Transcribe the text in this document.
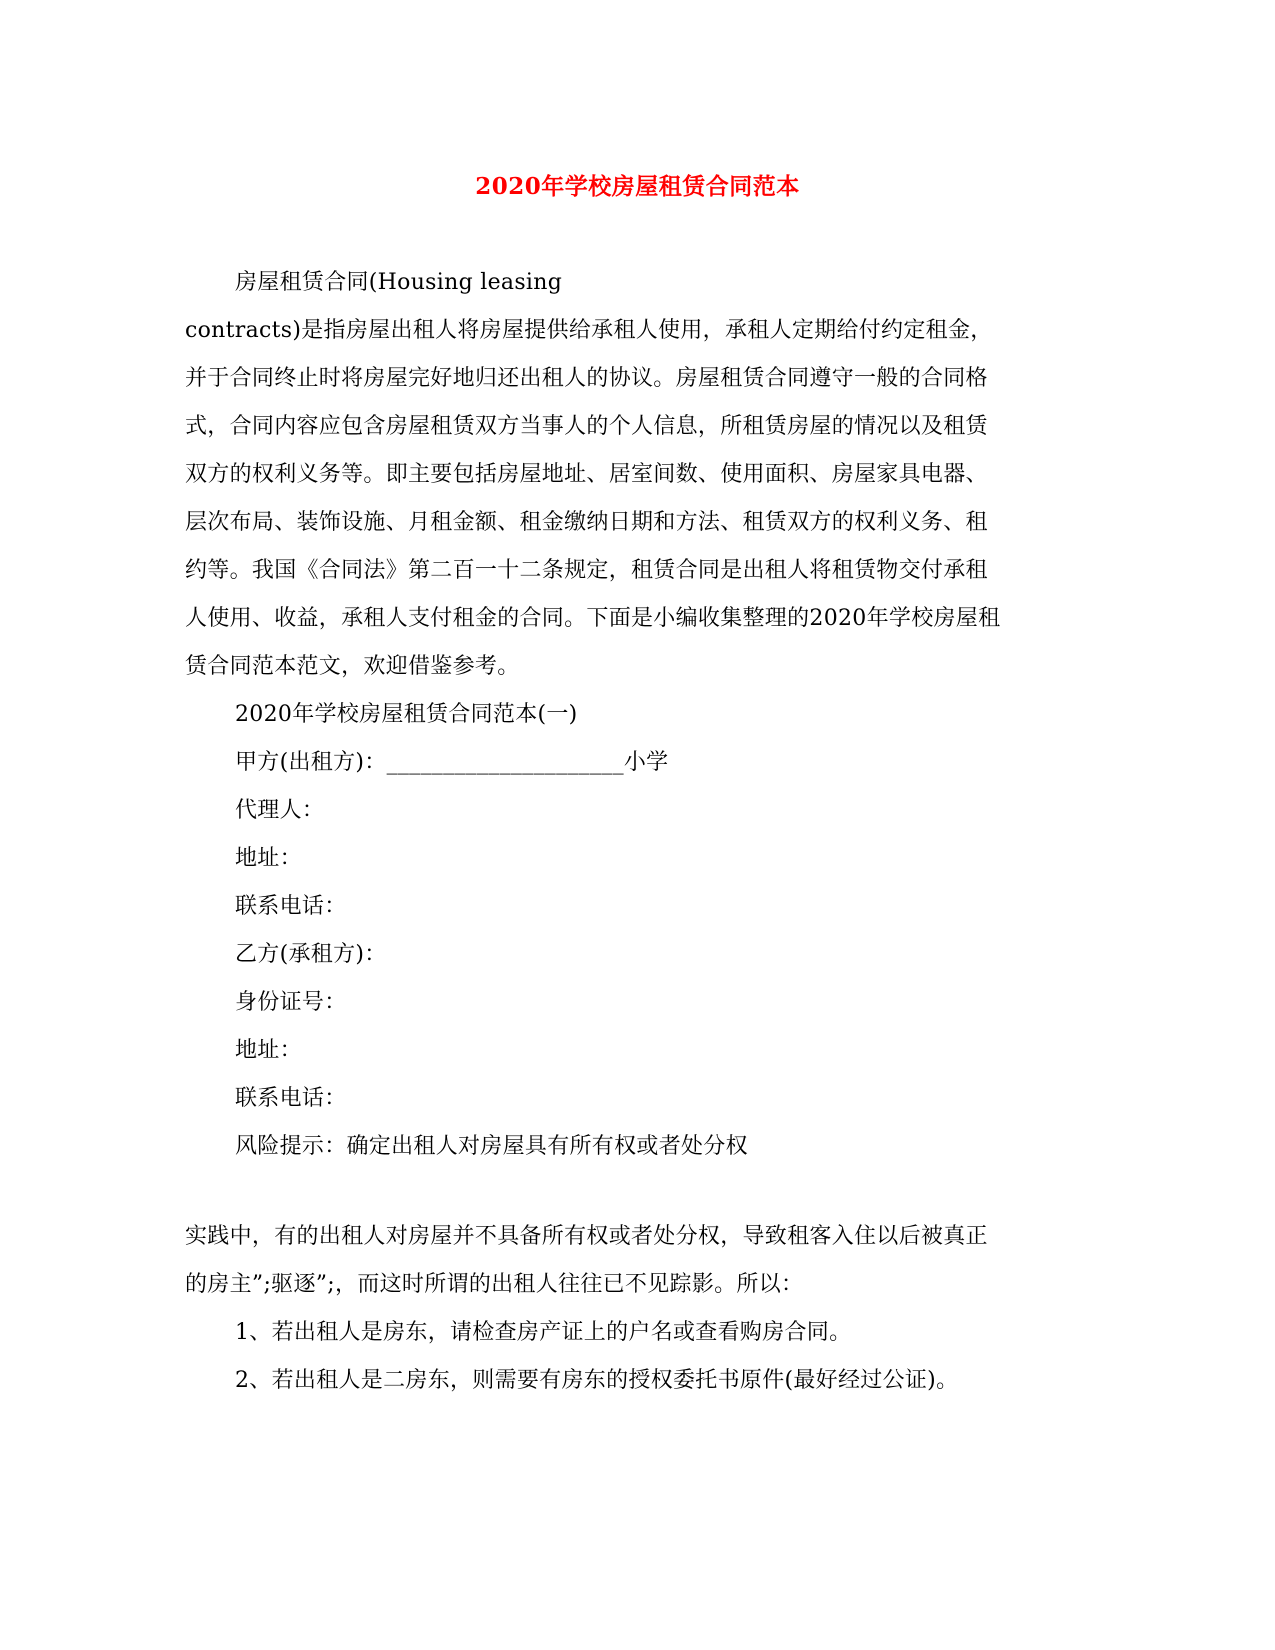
2020年学校房屋租赁合同范本
房屋租赁合同(Housing leasing
contracts)是指房屋出租人将房屋提供给承租人使用，承租人定期给付约定租金，
并于合同终止时将房屋完好地归还出租人的协议。房屋租赁合同遵守一般的合同格
式，合同内容应包含房屋租赁双方当事人的个人信息，所租赁房屋的情况以及租赁
双方的权利义务等。即主要包括房屋地址、居室间数、使用面积、房屋家具电器、
层次布局、装饰设施、月租金额、租金缴纳日期和方法、租赁双方的权利义务、租
约等。我国《合同法》第二百一十二条规定，租赁合同是出租人将租赁物交付承租
人使用、收益，承租人支付租金的合同。下面是小编收集整理的2020年学校房屋租
赁合同范本范文，欢迎借鉴参考。
2020年学校房屋租赁合同范本(一)
甲方(出租方)：_____________________小学
代理人：
地址：
联系电话：
乙方(承租方)：
身份证号：
地址：
联系电话：
风险提示：确定出租人对房屋具有所有权或者处分权
实践中，有的出租人对房屋并不具备所有权或者处分权，导致租客入住以后被真正
的房主”;驱逐”;，而这时所谓的出租人往往已不见踪影。所以：
1、若出租人是房东，请检查房产证上的户名或查看购房合同。
2、若出租人是二房东，则需要有房东的授权委托书原件(最好经过公证)。
